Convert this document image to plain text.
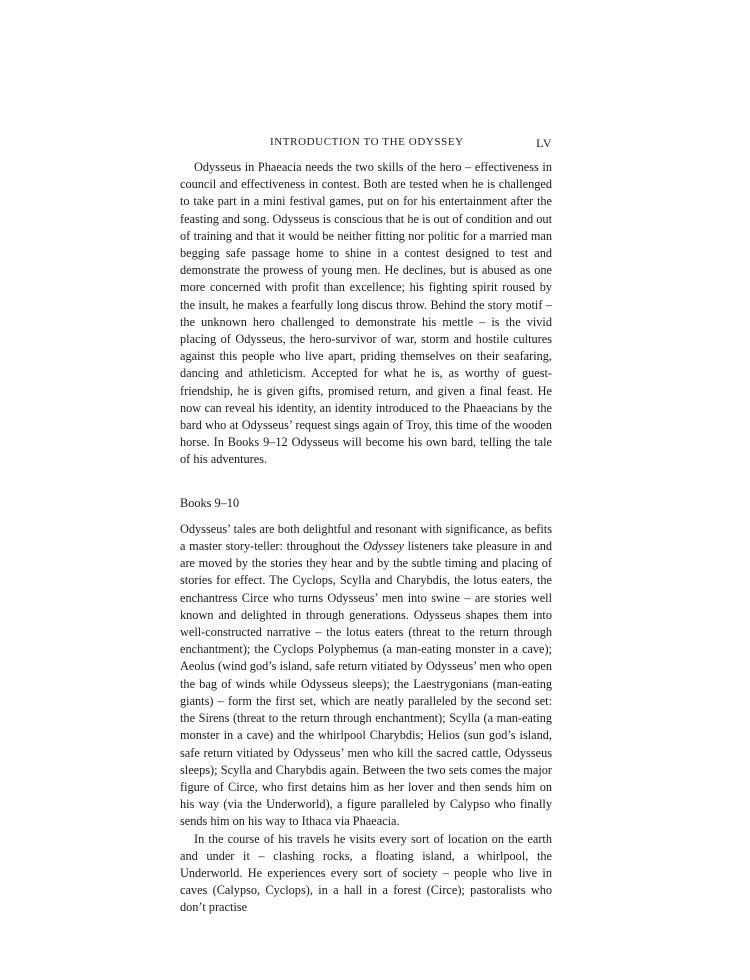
INTRODUCTION TO THE ODYSSEY	LV

Odysseus in Phaeacia needs the two skills of the hero – effectiveness in council and effectiveness in contest. Both are tested when he is challenged to take part in a mini festival games, put on for his entertainment after the feasting and song. Odysseus is conscious that he is out of condition and out of training and that it would be neither fitting nor politic for a married man begging safe passage home to shine in a contest designed to test and demonstrate the prowess of young men. He declines, but is abused as one more concerned with profit than excellence; his fighting spirit roused by the insult, he makes a fearfully long discus throw. Behind the story motif – the unknown hero challenged to demonstrate his mettle – is the vivid placing of Odysseus, the hero-survivor of war, storm and hostile cultures against this people who live apart, priding themselves on their seafaring, dancing and athleticism. Accepted for what he is, as worthy of guest-friendship, he is given gifts, promised return, and given a final feast. He now can reveal his identity, an identity introduced to the Phaeacians by the bard who at Odysseus’ request sings again of Troy, this time of the wooden horse. In Books 9–12 Odysseus will become his own bard, telling the tale of his adventures.

Books 9–10

Odysseus’ tales are both delightful and resonant with significance, as befits a master story-teller: throughout the Odyssey listeners take pleasure in and are moved by the stories they hear and by the subtle timing and placing of stories for effect. The Cyclops, Scylla and Charybdis, the lotus eaters, the enchantress Circe who turns Odysseus’ men into swine – are stories well known and delighted in through generations. Odysseus shapes them into well-constructed narrative – the lotus eaters (threat to the return through enchantment); the Cyclops Polyphemus (a man-eating monster in a cave); Aeolus (wind god’s island, safe return vitiated by Odysseus’ men who open the bag of winds while Odysseus sleeps); the Laestrygonians (man-eating giants) – form the first set, which are neatly paralleled by the second set: the Sirens (threat to the return through enchantment); Scylla (a man-eating monster in a cave) and the whirlpool Charybdis; Helios (sun god’s island, safe return vitiated by Odysseus’ men who kill the sacred cattle, Odysseus sleeps); Scylla and Charybdis again. Between the two sets comes the major figure of Circe, who first detains him as her lover and then sends him on his way (via the Underworld), a figure paralleled by Calypso who finally sends him on his way to Ithaca via Phaeacia.

In the course of his travels he visits every sort of location on the earth and under it – clashing rocks, a floating island, a whirlpool, the Underworld. He experiences every sort of society – people who live in caves (Calypso, Cyclops), in a hall in a forest (Circe); pastoralists who don’t practise
